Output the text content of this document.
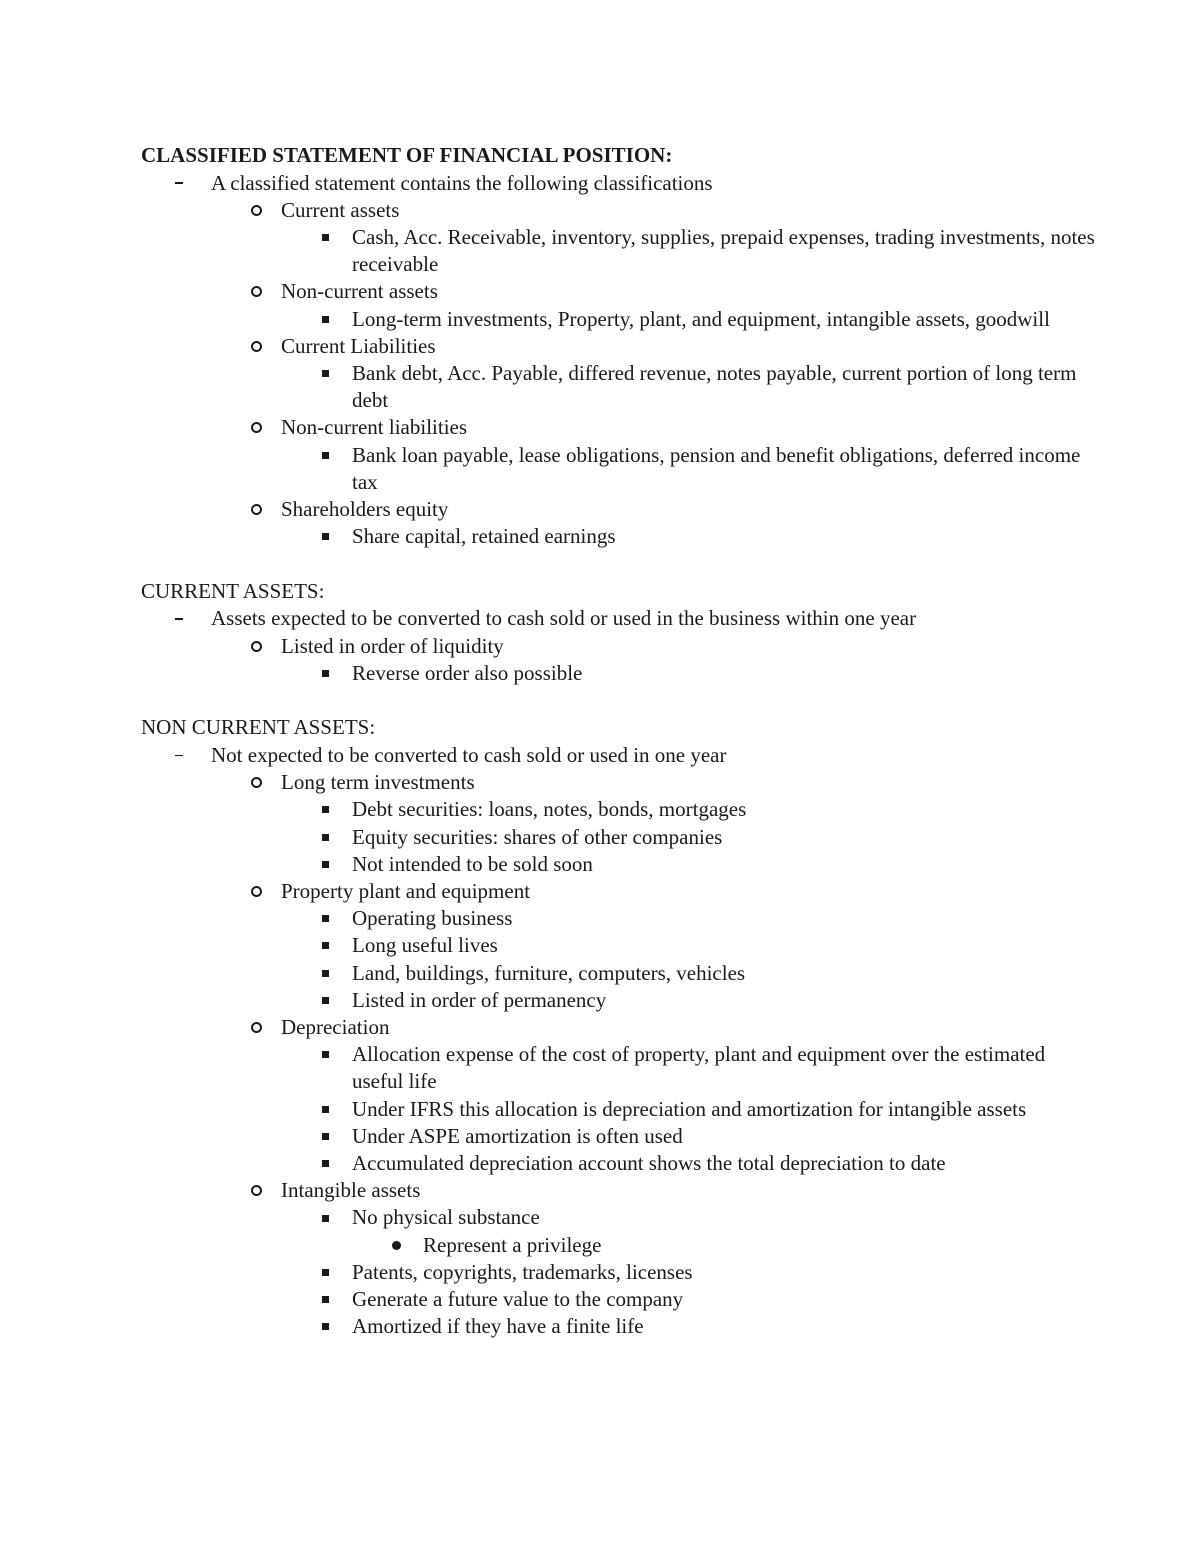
CLASSIFIED STATEMENT OF FINANCIAL POSITION:
A classified statement contains the following classifications
Current assets
Cash, Acc. Receivable, inventory, supplies, prepaid expenses, trading investments, notes receivable
Non-current assets
Long-term investments, Property, plant, and equipment, intangible assets, goodwill
Current Liabilities
Bank debt, Acc. Payable, differed revenue, notes payable, current portion of long term debt
Non-current liabilities
Bank loan payable, lease obligations, pension and benefit obligations, deferred income tax
Shareholders equity
Share capital, retained earnings
CURRENT ASSETS:
Assets expected to be converted to cash sold or used in the business within one year
Listed in order of liquidity
Reverse order also possible
NON CURRENT ASSETS:
Not expected to be converted to cash sold or used in one year
Long term investments
Debt securities: loans, notes, bonds, mortgages
Equity securities: shares of other companies
Not intended to be sold soon
Property plant and equipment
Operating business
Long useful lives
Land, buildings, furniture, computers, vehicles
Listed in order of permanency
Depreciation
Allocation expense of the cost of property, plant and equipment over the estimated useful life
Under IFRS this allocation is depreciation and amortization for intangible assets
Under ASPE amortization is often used
Accumulated depreciation account shows the total depreciation to date
Intangible assets
No physical substance
Represent a privilege
Patents, copyrights, trademarks, licenses
Generate a future value to the company
Amortized if they have a finite life
